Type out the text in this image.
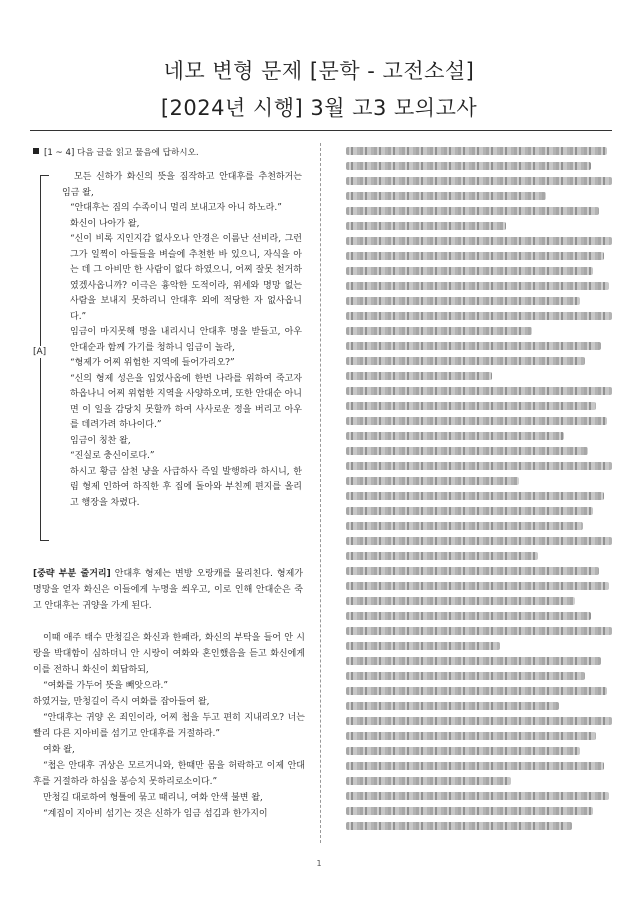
네모 변형 문제 [문학 - 고전소설]
[2024년 시행] 3월 고3 모의고사
[1 ~ 4] 다음 글을 읽고 물음에 답하시오.
[A]

모든 신하가 화신의 뜻을 짐작하고 안대후를 추천하거는 임금 왈,

“안대후는 짐의 수족이니 멀리 보내고자 아니 하노라.”

화신이 나아가 왈,

“신이 비록 지인지감 없사오나 안경은 이름난 선비라, 그런 그가 일찍이 아들들을 벼슬에 추천한 바 있으니, 자식을 아는 데 그 아비만 한 사람이 없다 하였으니, 어찌 잘못 천거하였겠사옵니까? 이극은 흉악한 도적이라, 위세와 명망 없는 사람을 보내지 못하리니 안대후 외에 적당한 자 없사옵니다.”

임금이 마지못해 명을 내리시니 안대후 명을 받들고, 아우 안대순과 함께 가기를 청하니 임금이 놀라,

“형제가 어찌 위험한 지역에 들어가리오?”

“신의 형제 성은을 입었사옵에 한번 나라를 위하여 죽고자 하옵나니 어찌 위험한 지역을 사양하오며, 또한 안대순 아니면 이 일을 감당치 못할까 하여 사사로운 정을 버리고 아우를 데려가려 하나이다.”

임금이 칭찬 왈,

“진실로 충신이로다.”

하시고 황금 삼천 냥을 사급하사 즉일 발행하라 하시니, 한림 형제 인하여 하직한 후 집에 돌아와 부친께 편지를 올리고 행장을 차렸다.

[중략 부분 줄거리] 안대후 형제는 변방 오랑캐를 물리친다. 형제가 명망을 얻자 화신은 이들에게 누명을 씌우고, 이로 인해 안대순은 죽고 안대후는 귀양을 가게 된다.

이때 애주 태수 만청길은 화신과 한패라, 화신의 부탁을 들어 안 시랑을 박대함이 심하더니 안 시랑이 여화와 혼인했음을 듣고 화신에게 이를 전하니 화신이 회답하되,

“여화를 가두어 뜻을 빼앗으라.”

하였거늘, 만청길이 즉시 여화를 잡아들여 왈,

“안대후는 귀양 온 죄인이라, 어찌 첩을 두고 편히 지내리오? 너는 빨리 다른 지아비를 섬기고 안대후를 거절하라.”

여화 왈,

“첩은 안대후 귀상은 모르거니와, 한때만 몸을 허락하고 이제 안대후를 거절하라 하심을 봉승치 못하리로소이다.”

만청길 대로하여 형틀에 묶고 때리니, 여화 안색 불변 왈,

“계집이 지아비 섬기는 것은 신하가 임금 섬김과 한가지이

1
